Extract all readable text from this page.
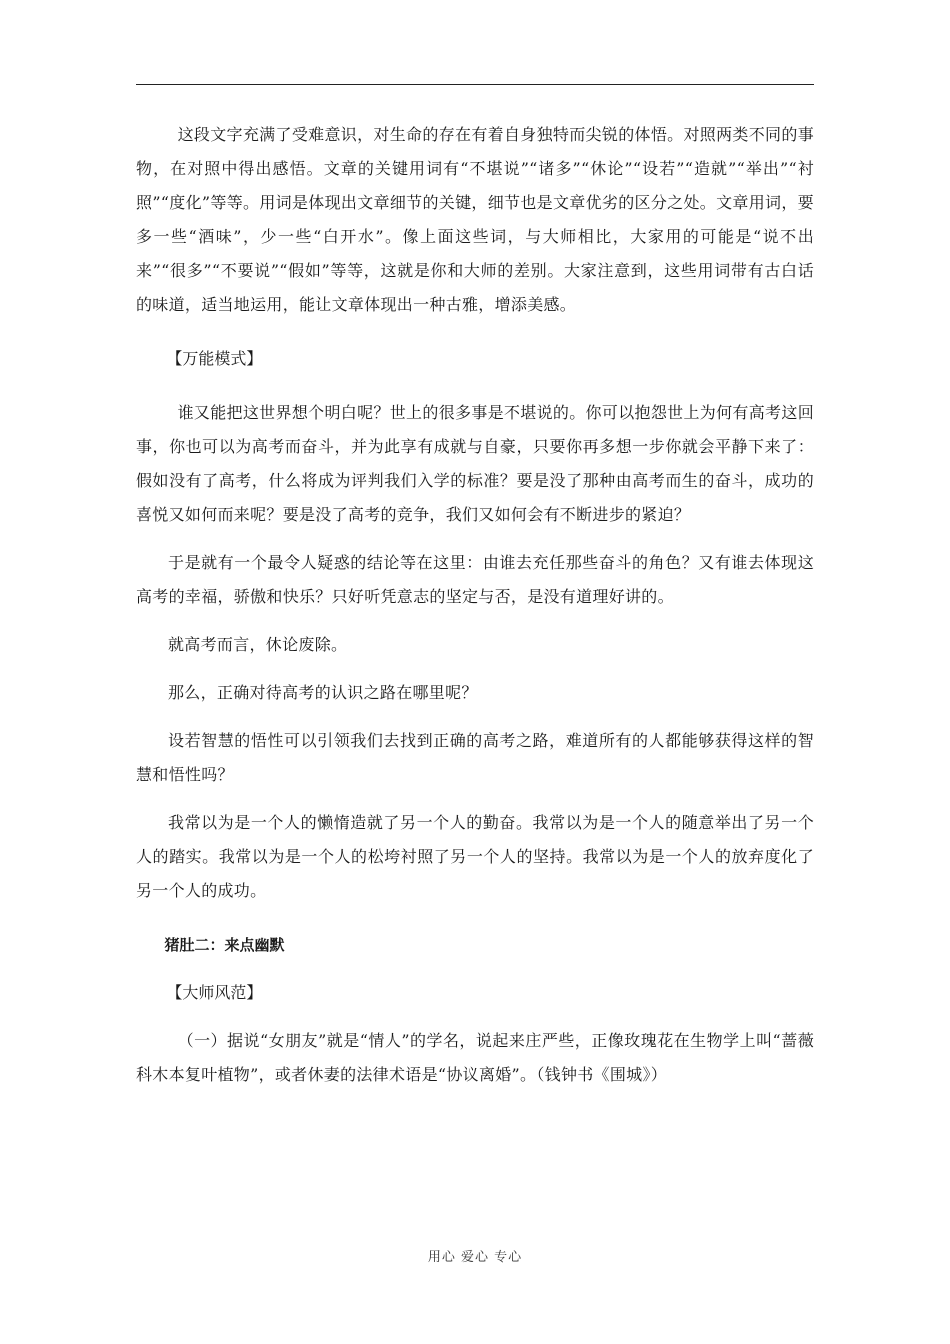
这段文字充满了受难意识，对生命的存在有着自身独特而尖锐的体悟。对照两类不同的事物，在对照中得出感悟。文章的关键用词有“不堪说”“诸多”“休论”“设若”“造就”“举出”“衬照”“度化”等等。用词是体现出文章细节的关键，细节也是文章优劣的区分之处。文章用词，要多一些“酒味”，少一些“白开水”。像上面这些词，与大师相比，大家用的可能是“说不出来”“很多”“不要说”“假如”等等，这就是你和大师的差别。大家注意到，这些用词带有古白话的味道，适当地运用，能让文章体现出一种古雅，增添美感。

【万能模式】

谁又能把这世界想个明白呢？世上的很多事是不堪说的。你可以抱怨世上为何有高考这回事，你也可以为高考而奋斗，并为此享有成就与自豪，只要你再多想一步你就会平静下来了：假如没有了高考，什么将成为评判我们入学的标准？要是没了那种由高考而生的奋斗，成功的喜悦又如何而来呢？要是没了高考的竞争，我们又如何会有不断进步的紧迫？

于是就有一个最令人疑惑的结论等在这里：由谁去充任那些奋斗的角色？又有谁去体现这高考的幸福，骄傲和快乐？只好听凭意志的坚定与否，是没有道理好讲的。

就高考而言，休论废除。

那么，正确对待高考的认识之路在哪里呢？

设若智慧的悟性可以引领我们去找到正确的高考之路，难道所有的人都能够获得这样的智慧和悟性吗？

我常以为是一个人的懒惰造就了另一个人的勤奋。我常以为是一个人的随意举出了另一个人的踏实。我常以为是一个人的松垮衬照了另一个人的坚持。我常以为是一个人的放弃度化了另一个人的成功。

猪肚二：来点幽默

【大师风范】

（一）据说“女朋友”就是“情人”的学名，说起来庄严些，正像玫瑰花在生物学上叫“蔷薇科木本复叶植物”，或者休妻的法律术语是“协议离婚”。（钱钟书《围城》）

用心 爱心 专心
